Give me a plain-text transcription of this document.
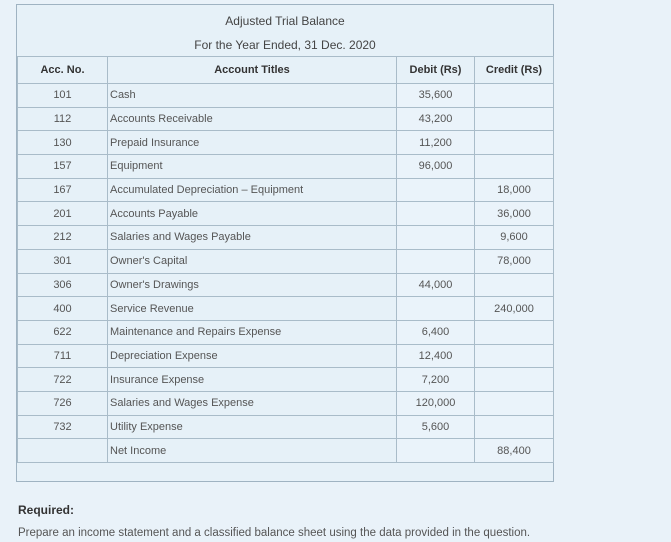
Adjusted Trial Balance
For the Year Ended, 31 Dec. 2020
Acc. No.	Account Titles	Debit (Rs)	Credit (Rs)
101	Cash	35,600	
112	Accounts Receivable	43,200	
130	Prepaid Insurance	11,200	
157	Equipment	96,000	
167	Accumulated Depreciation – Equipment		18,000
201	Accounts Payable		36,000
212	Salaries and Wages Payable		9,600
301	Owner's Capital		78,000
306	Owner's Drawings	44,000	
400	Service Revenue		240,000
622	Maintenance and Repairs Expense	6,400	
711	Depreciation Expense	12,400	
722	Insurance Expense	7,200	
726	Salaries and Wages Expense	120,000	
732	Utility Expense	5,600	
	Net Income		88,400
Required:
Prepare an income statement and a classified balance sheet using the data provided in the question.
